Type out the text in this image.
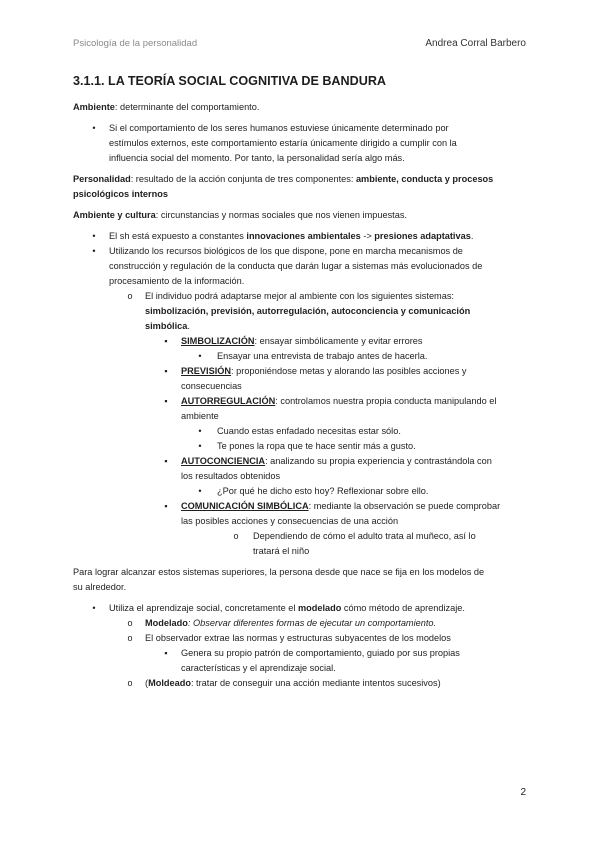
Psicología de la personalidad	Andrea Corral Barbero
3.1.1. LA TEORÍA SOCIAL COGNITIVA DE BANDURA

Ambiente: determinante del comportamiento.

•	Si el comportamiento de los seres humanos estuviese únicamente determinado por
estímulos externos, este comportamiento estaría únicamente dirigido a cumplir con la
influencia social del momento. Por tanto, la personalidad sería algo más.

Personalidad: resultado de la acción conjunta de tres componentes: ambiente, conducta y procesos
psicológicos internos

Ambiente y cultura: circunstancias y normas sociales que nos vienen impuestas.

•	El sh está expuesto a constantes innovaciones ambientales -> presiones adaptativas.
•	Utilizando los recursos biológicos de los que dispone, pone en marcha mecanismos de
construcción y regulación de la conducta que darán lugar a sistemas más evolucionados de
procesamiento de la información.
o El individuo podrá adaptarse mejor al ambiente con los siguientes sistemas:
simbolización, previsión, autorregulación, autoconciencia y comunicación
simbólica.
▪	SIMBOLIZACIÓN: ensayar simbólicamente y evitar errores
•	Ensayar una entrevista de trabajo antes de hacerla.
▪	PREVISIÓN: proponiéndose metas y alorando las posibles acciones y
consecuencias
▪	AUTORREGULACIÓN: controlamos nuestra propia conducta manipulando el
ambiente
•	Cuando estas enfadado necesitas estar sólo.
•	Te pones la ropa que te hace sentir más a gusto.
▪	AUTOCONCIENCIA: analizando su propia experiencia y contrastándola con
los resultados obtenidos
•	¿Por qué he dicho esto hoy? Reflexionar sobre ello.
▪	COMUNICACIÓN SIMBÓLICA: mediante la observación se puede comprobar
las posibles acciones y consecuencias de una acción
o Dependiendo de cómo el adulto trata al muñeco, así lo
tratará el niño

Para lograr alcanzar estos sistemas superiores, la persona desde que nace se fija en los modelos de
su alrededor.

•	Utiliza el aprendizaje social, concretamente el modelado cómo método de aprendizaje.
o Modelado: Observar diferentes formas de ejecutar un comportamiento.
o El observador extrae las normas y estructuras subyacentes de los modelos
▪	Genera su propio patrón de comportamiento, guiado por sus propias
características y el aprendizaje social.
o (Moldeado: tratar de conseguir una acción mediante intentos sucesivos)
2
